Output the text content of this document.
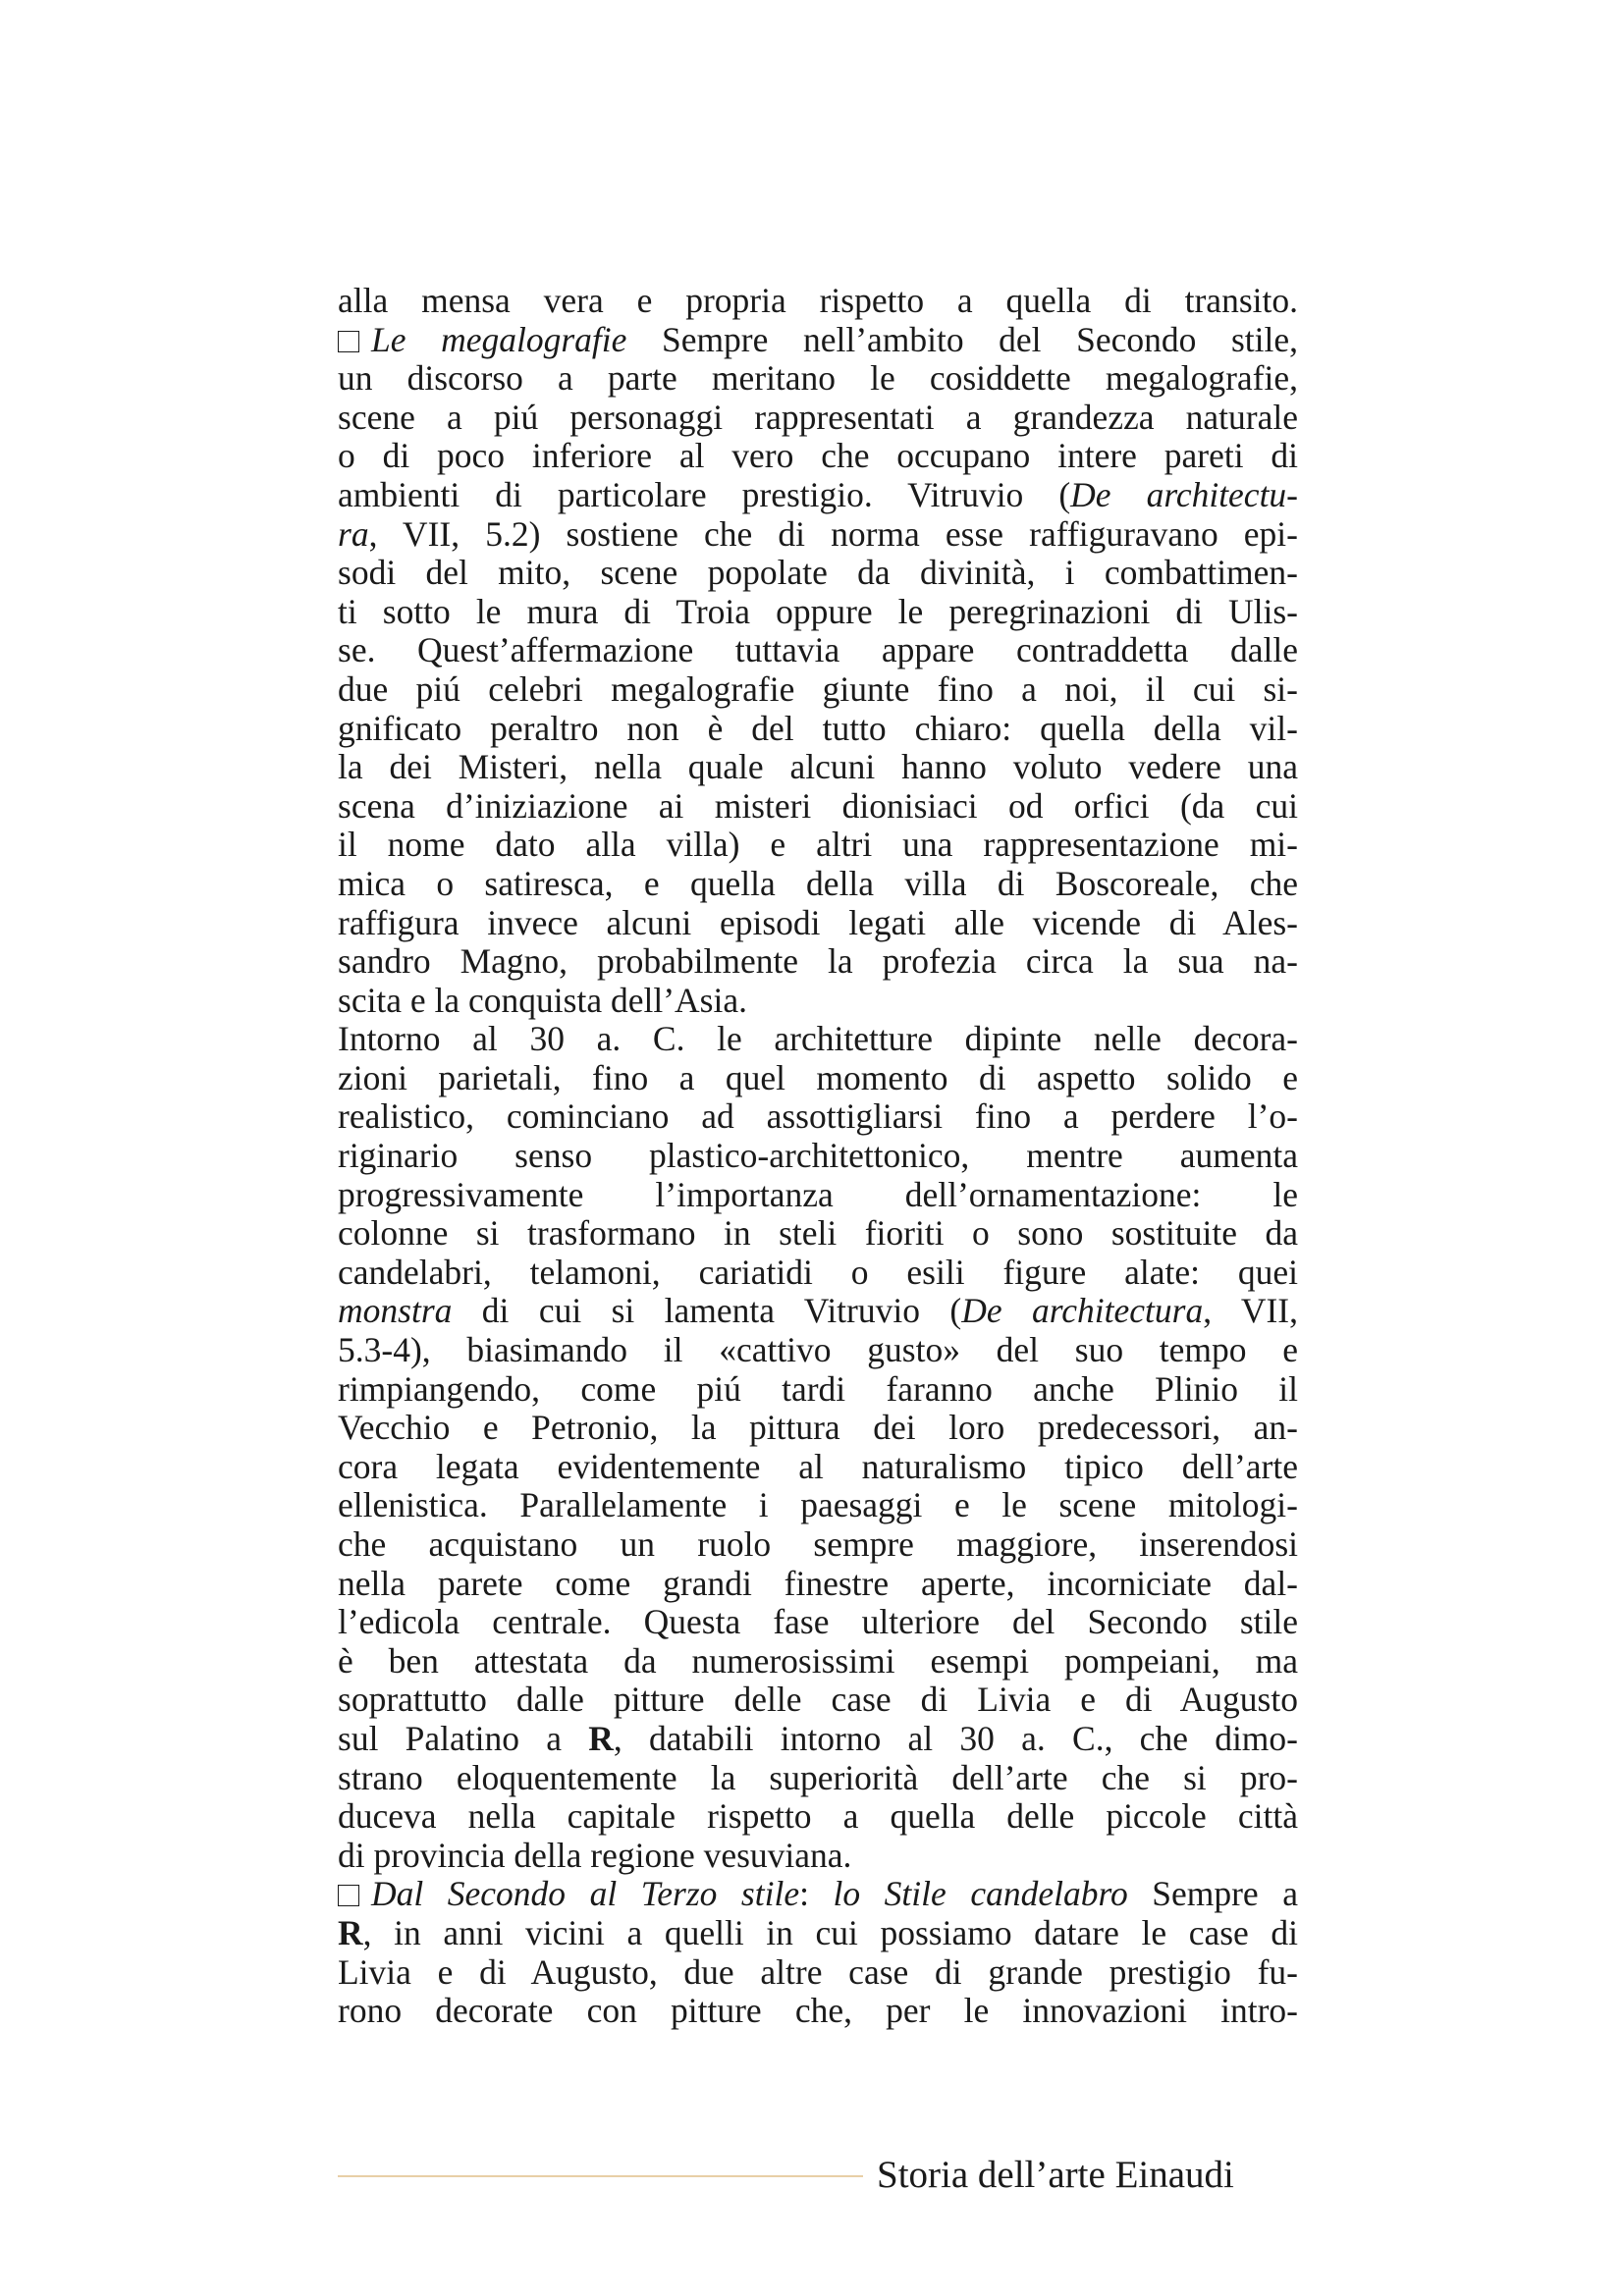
alla mensa vera e propria rispetto a quella di transito.
Le megalografie Sempre nell’ambito del Secondo stile,
un discorso a parte meritano le cosiddette megalografie,
scene a piú personaggi rappresentati a grandezza naturale
o di poco inferiore al vero che occupano intere pareti di
ambienti di particolare prestigio. Vitruvio (De architectu-
ra, VII, 5.2) sostiene che di norma esse raffiguravano epi-
sodi del mito, scene popolate da divinità, i combattimen-
ti sotto le mura di Troia oppure le peregrinazioni di Ulis-
se. Quest’affermazione tuttavia appare contraddetta dalle
due piú celebri megalografie giunte fino a noi, il cui si-
gnificato peraltro non è del tutto chiaro: quella della vil-
la dei Misteri, nella quale alcuni hanno voluto vedere una
scena d’iniziazione ai misteri dionisiaci od orfici (da cui
il nome dato alla villa) e altri una rappresentazione mi-
mica o satiresca, e quella della villa di Boscoreale, che
raffigura invece alcuni episodi legati alle vicende di Ales-
sandro Magno, probabilmente la profezia circa la sua na-
scita e la conquista dell’Asia.
Intorno al 30 a. C. le architetture dipinte nelle decora-
zioni parietali, fino a quel momento di aspetto solido e
realistico, cominciano ad assottigliarsi fino a perdere l’o-
riginario senso plastico-architettonico, mentre aumenta
progressivamente l’importanza dell’ornamentazione: le
colonne si trasformano in steli fioriti o sono sostituite da
candelabri, telamoni, cariatidi o esili figure alate: quei
monstra di cui si lamenta Vitruvio (De architectura, VII,
5.3-4), biasimando il «cattivo gusto» del suo tempo e
rimpiangendo, come piú tardi faranno anche Plinio il
Vecchio e Petronio, la pittura dei loro predecessori, an-
cora legata evidentemente al naturalismo tipico dell’arte
ellenistica. Parallelamente i paesaggi e le scene mitologi-
che acquistano un ruolo sempre maggiore, inserendosi
nella parete come grandi finestre aperte, incorniciate dal-
l’edicola centrale. Questa fase ulteriore del Secondo stile
è ben attestata da numerosissimi esempi pompeiani, ma
soprattutto dalle pitture delle case di Livia e di Augusto
sul Palatino a R, databili intorno al 30 a. C., che dimo-
strano eloquentemente la superiorità dell’arte che si pro-
duceva nella capitale rispetto a quella delle piccole città
di provincia della regione vesuviana.
Dal Secondo al Terzo stile: lo Stile candelabro Sempre a
R, in anni vicini a quelli in cui possiamo datare le case di
Livia e di Augusto, due altre case di grande prestigio fu-
rono decorate con pitture che, per le innovazioni intro-
Storia dell’arte Einaudi
